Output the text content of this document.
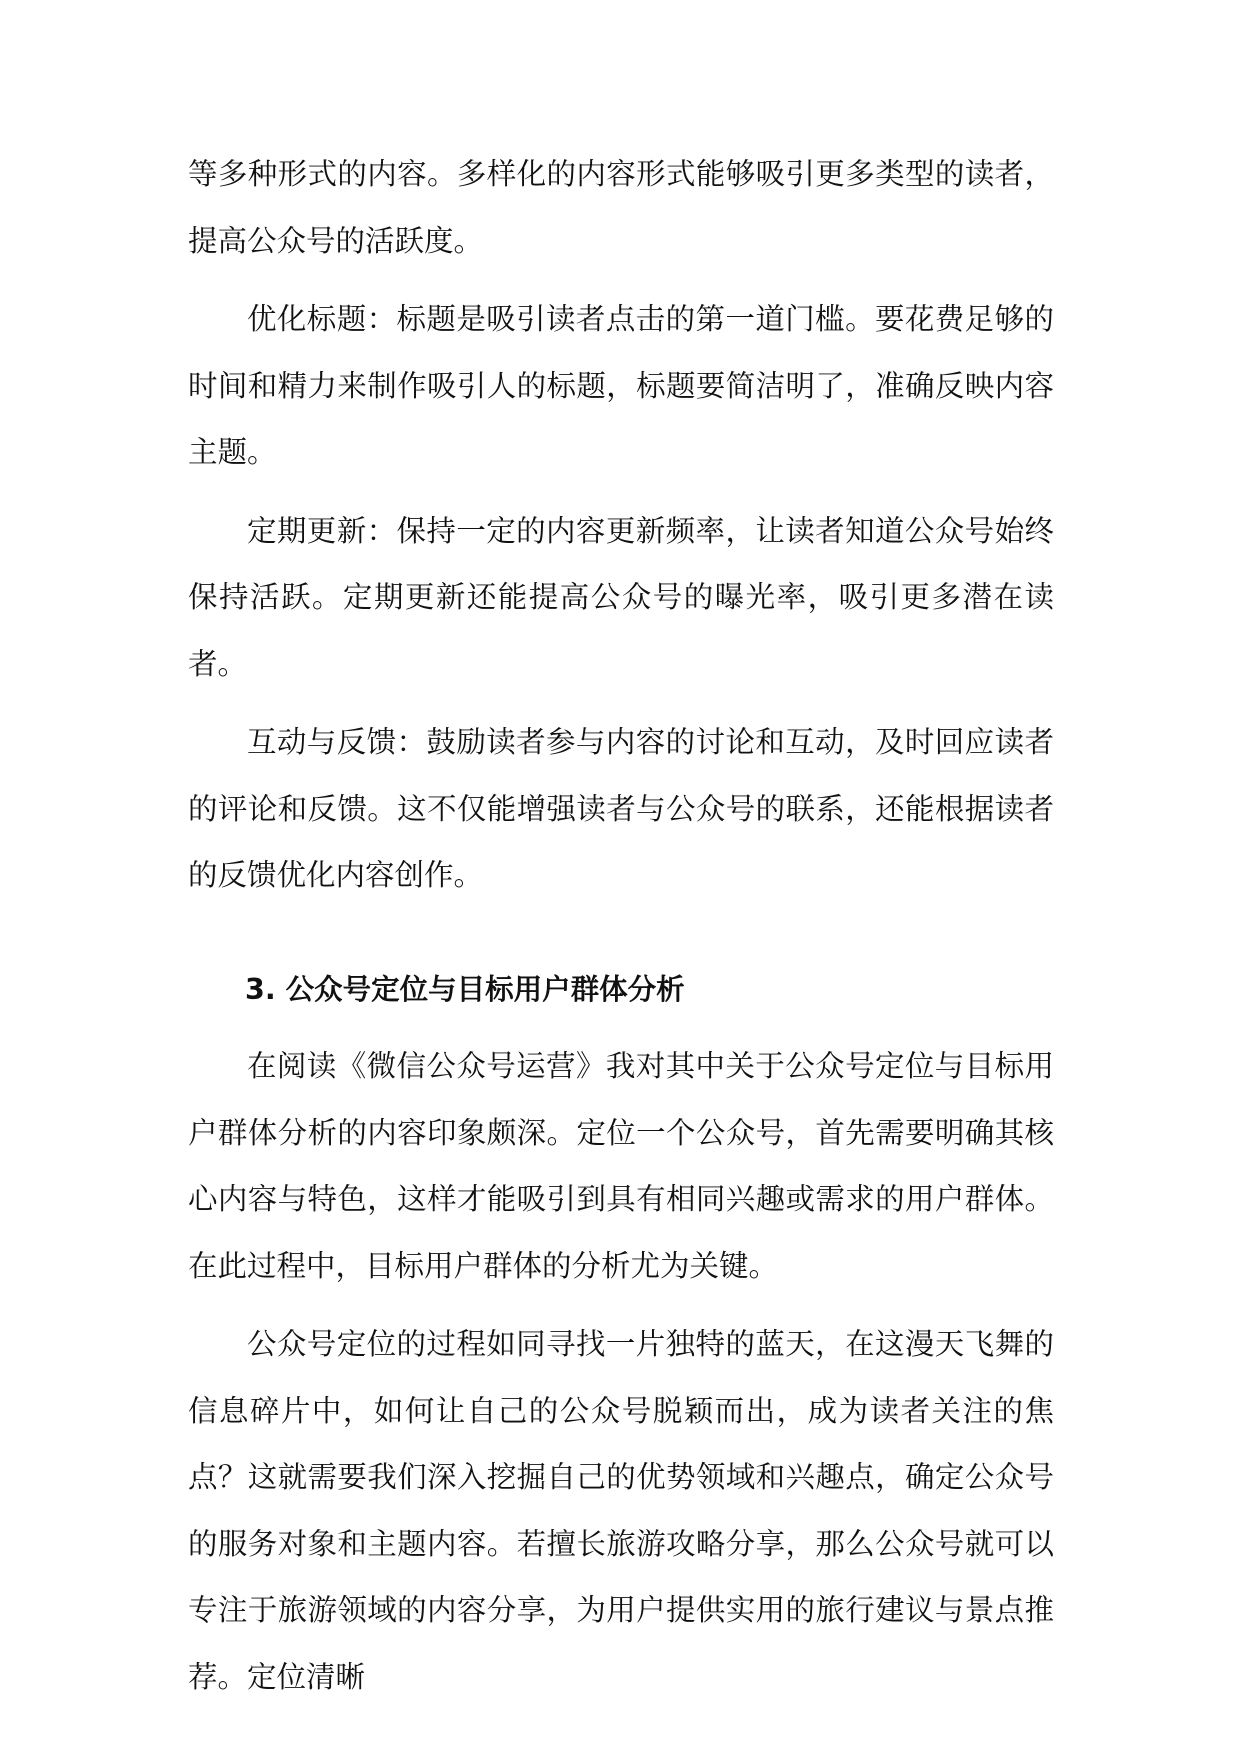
等多种形式的内容。多样化的内容形式能够吸引更多类型的读者，提高公众号的活跃度。

优化标题：标题是吸引读者点击的第一道门槛。要花费足够的时间和精力来制作吸引人的标题，标题要简洁明了，准确反映内容主题。

定期更新：保持一定的内容更新频率，让读者知道公众号始终保持活跃。定期更新还能提高公众号的曝光率，吸引更多潜在读者。

互动与反馈：鼓励读者参与内容的讨论和互动，及时回应读者的评论和反馈。这不仅能增强读者与公众号的联系，还能根据读者的反馈优化内容创作。

3. 公众号定位与目标用户群体分析

在阅读《微信公众号运营》我对其中关于公众号定位与目标用户群体分析的内容印象颇深。定位一个公众号，首先需要明确其核心内容与特色，这样才能吸引到具有相同兴趣或需求的用户群体。在此过程中，目标用户群体的分析尤为关键。

公众号定位的过程如同寻找一片独特的蓝天，在这漫天飞舞的信息碎片中，如何让自己的公众号脱颖而出，成为读者关注的焦点？这就需要我们深入挖掘自己的优势领域和兴趣点，确定公众号的服务对象和主题内容。若擅长旅游攻略分享，那么公众号就可以专注于旅游领域的内容分享，为用户提供实用的旅行建议与景点推荐。定位清晰
